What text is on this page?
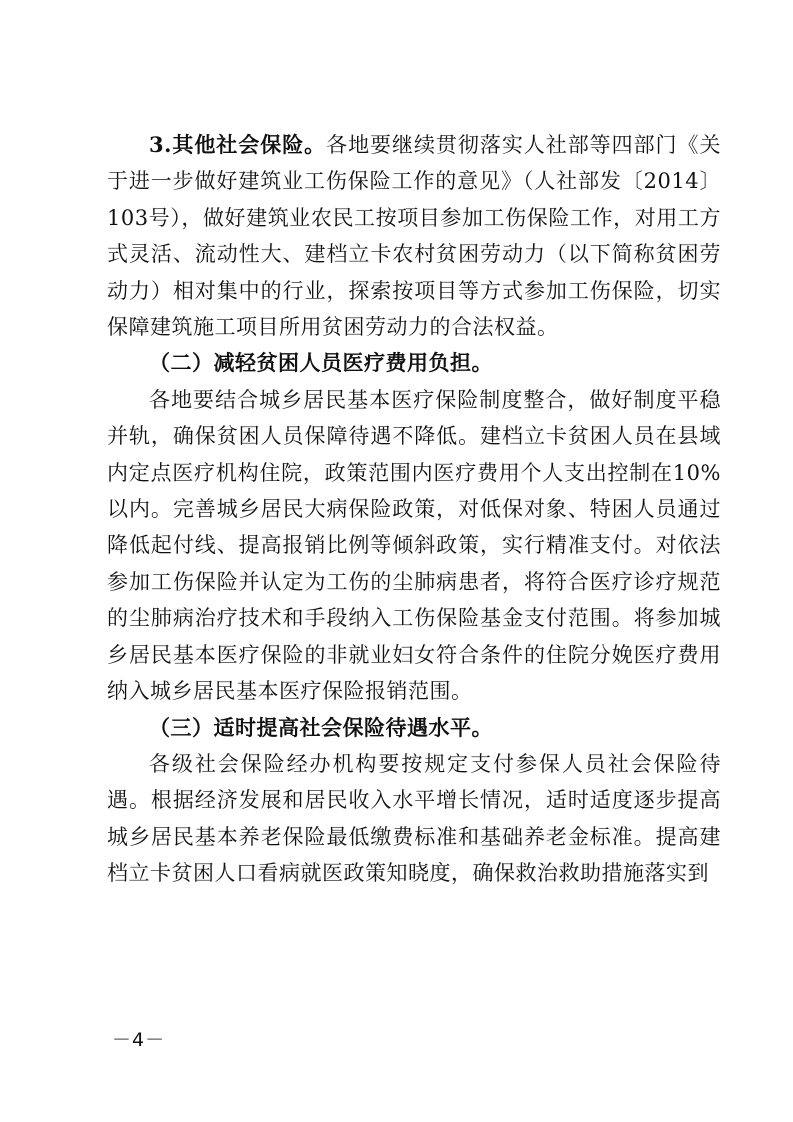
3.其他社会保险。各地要继续贯彻落实人社部等四部门《关于进一步做好建筑业工伤保险工作的意见》（人社部发〔2014〕103号），做好建筑业农民工按项目参加工伤保险工作，对用工方式灵活、流动性大、建档立卡农村贫困劳动力（以下简称贫困劳动力）相对集中的行业，探索按项目等方式参加工伤保险，切实保障建筑施工项目所用贫困劳动力的合法权益。

（二）减轻贫困人员医疗费用负担。

各地要结合城乡居民基本医疗保险制度整合，做好制度平稳并轨，确保贫困人员保障待遇不降低。建档立卡贫困人员在县域内定点医疗机构住院，政策范围内医疗费用个人支出控制在10%以内。完善城乡居民大病保险政策，对低保对象、特困人员通过降低起付线、提高报销比例等倾斜政策，实行精准支付。对依法参加工伤保险并认定为工伤的尘肺病患者，将符合医疗诊疗规范的尘肺病治疗技术和手段纳入工伤保险基金支付范围。将参加城乡居民基本医疗保险的非就业妇女符合条件的住院分娩医疗费用纳入城乡居民基本医疗保险报销范围。

（三）适时提高社会保险待遇水平。

各级社会保险经办机构要按规定支付参保人员社会保险待遇。根据经济发展和居民收入水平增长情况，适时适度逐步提高城乡居民基本养老保险最低缴费标准和基础养老金标准。提高建档立卡贫困人口看病就医政策知晓度，确保救治救助措施落实到

－4－
